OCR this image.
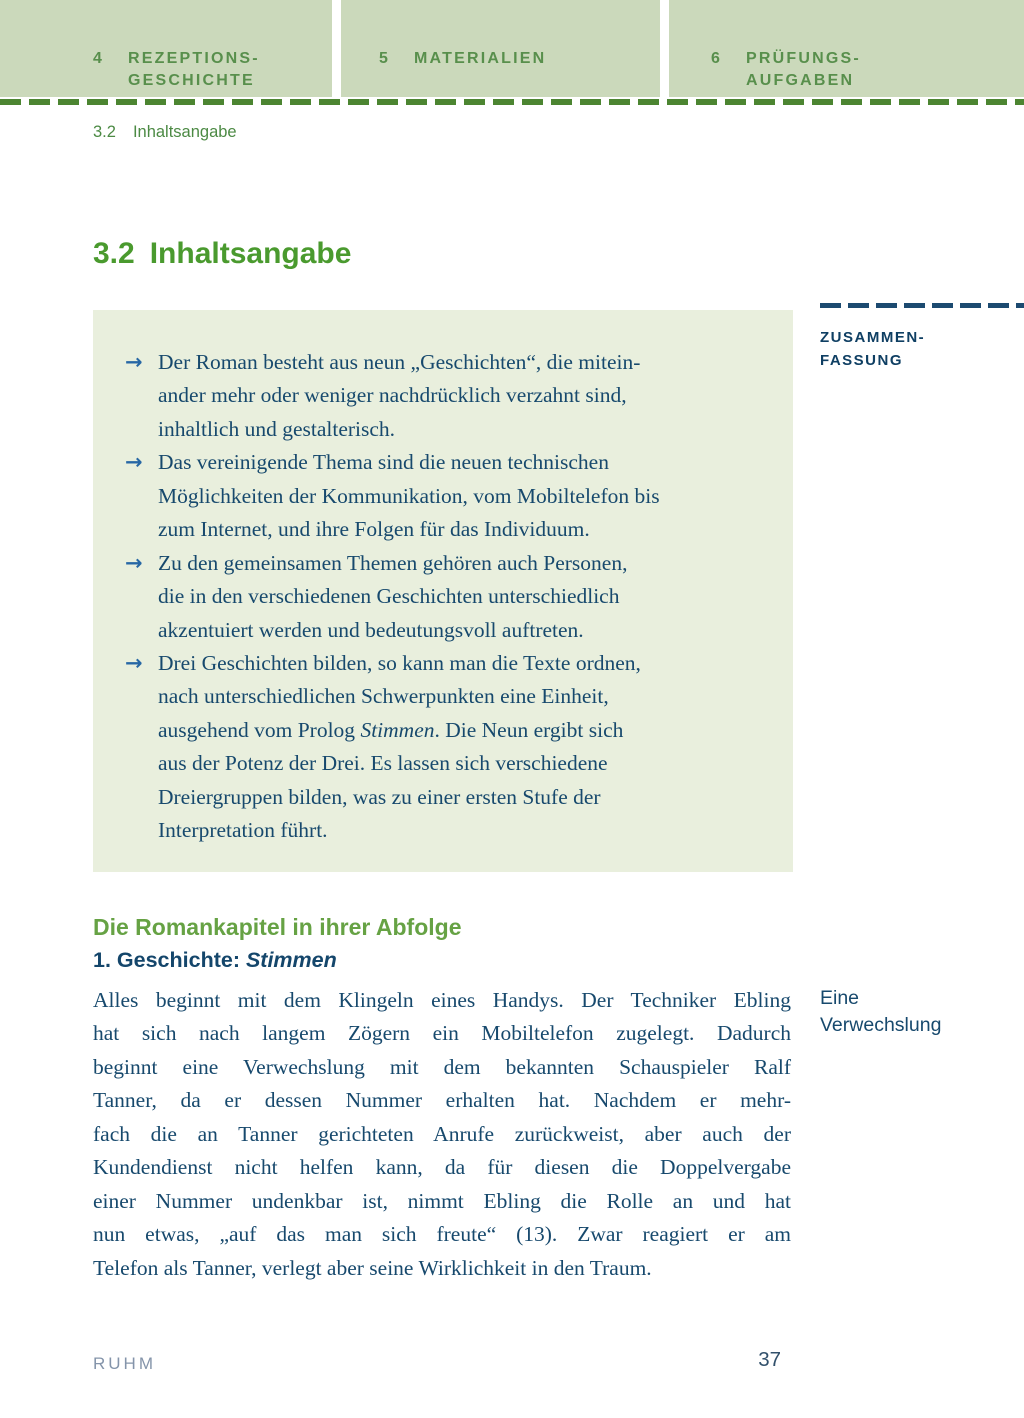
4	REZEPTIONS-
GESCHICHTE
5	MATERIALIEN	6	PRÜFUNGS-
AUFGABEN
3.2 Inhaltsangabe
3.2 Inhaltsangabe
→ Der Roman besteht aus neun „Geschichten“, die mitein-
ander mehr oder weniger nachdrücklich verzahnt sind,
inhaltlich und gestalterisch.
→ Das vereinigende Thema sind die neuen technischen
Möglichkeiten der Kommunikation, vom Mobiltelefon bis
zum Internet, und ihre Folgen für das Individuum.
→ Zu den gemeinsamen Themen gehören auch Personen,
die in den verschiedenen Geschichten unterschiedlich
akzentuiert werden und bedeutungsvoll auftreten.
→ Drei Geschichten bilden, so kann man die Texte ordnen,
nach unterschiedlichen Schwerpunkten eine Einheit,
ausgehend vom Prolog Stimmen. Die Neun ergibt sich
aus der Potenz der Drei. Es lassen sich verschiedene
Dreiergruppen bilden, was zu einer ersten Stufe der
Interpretation führt.
ZUSAMMEN-
FASSUNG
Die Romankapitel in ihrer Abfolge
1. Geschichte: Stimmen
Alles beginnt mit dem Klingeln eines Handys. Der Techniker Ebling
hat sich nach langem Zögern ein Mobiltelefon zugelegt. Dadurch
beginnt eine Verwechslung mit dem bekannten Schauspieler Ralf
Tanner, da er dessen Nummer erhalten hat. Nachdem er mehr-
fach die an Tanner gerichteten Anrufe zurückweist, aber auch der
Kundendienst nicht helfen kann, da für diesen die Doppelvergabe
einer Nummer undenkbar ist, nimmt Ebling die Rolle an und hat
nun etwas, „auf das man sich freute“ (13). Zwar reagiert er am
Telefon als Tanner, verlegt aber seine Wirklichkeit in den Traum.
Eine
Verwechslung
RUHM	37
